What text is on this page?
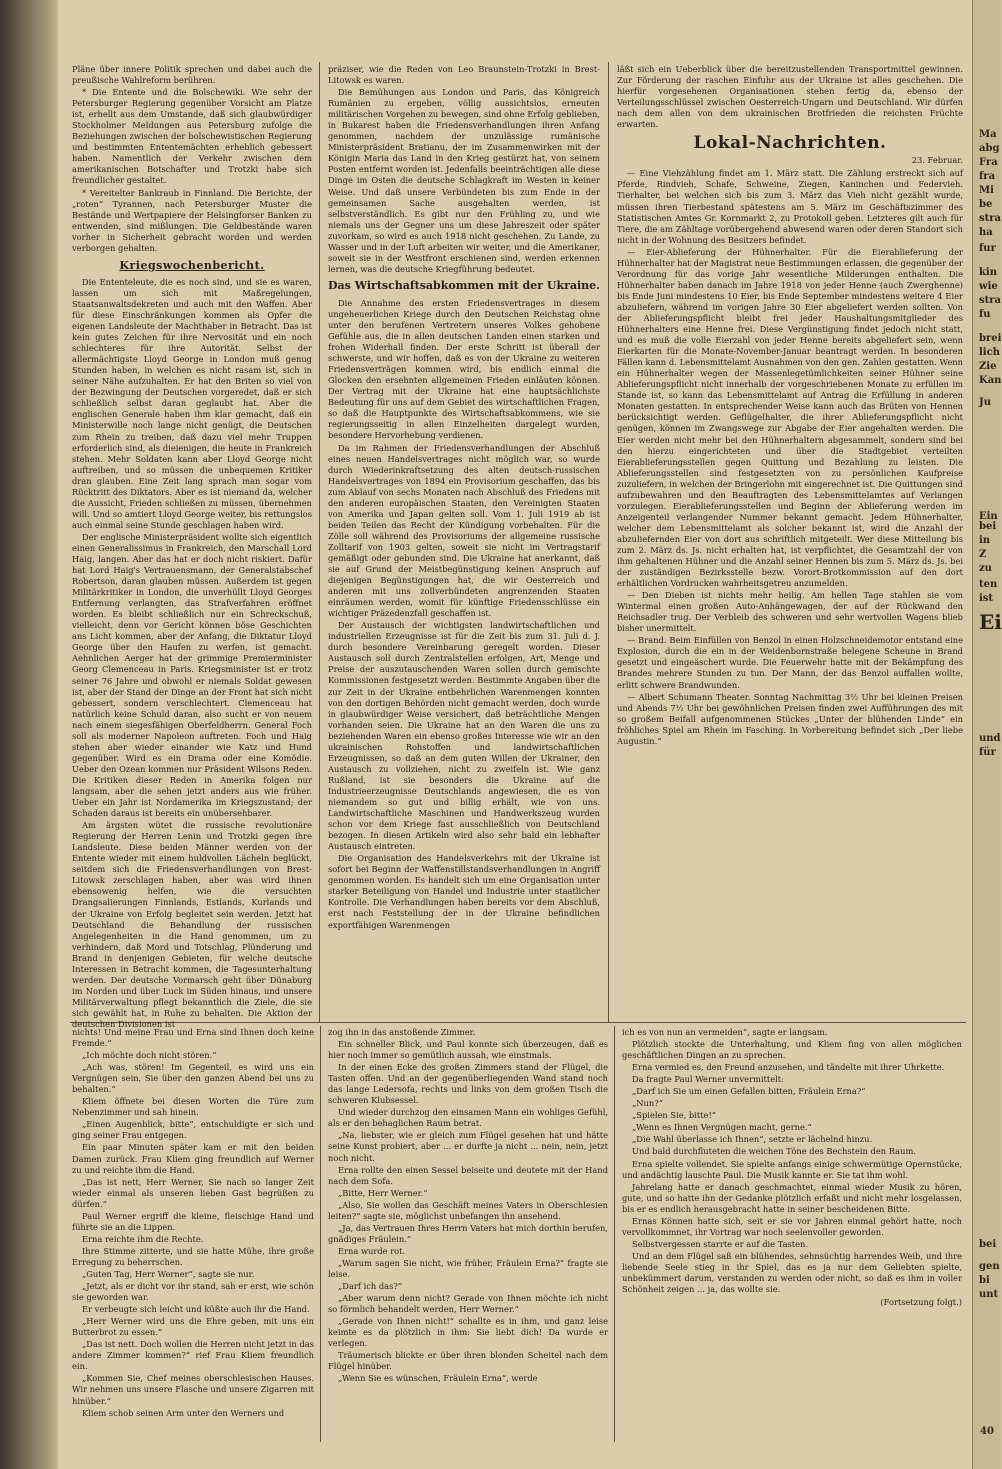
Pläne über innere Politik sprechen und dabei auch die preußische Wahlreform berühren.

* Die Entente und die Bolschewiki. Wie sehr der Petersburger Regierung gegenüber Vorsicht am Platze ist, erhellt aus dem Umstande, daß sich glaubwürdiger Stockholmer Meldungen aus Petersburg zufolge die Beziehungen zwischen der bolschewistischen Regierung und bestimmten Ententemächten erheblich gebessert haben. Namentlich der Verkehr zwischen dem amerikanischen Botschafter und Trotzki habe sich freundlicher gestaltet.

* Vereitelter Bankraub in Finnland. Die Berichte, der „roten“ Tyrannen, nach Petersburger Muster die Bestände und Wertpapiere der Helsingforser Banken zu entwenden, sind mißlungen. Die Geldbestände waren vorher in Sicherheit gebracht worden und werden verborgen gehalten.

Kriegswochenbericht.

Die Ententeleute, die es noch sind, und sie es waren, lassen um sich mit Maßregelungen, Staatsanwaltsdekreten und auch mit den Waffen. Aber für diese Einschränkungen kommen als Opfer die eigenen Landsleute der Machthaber in Betracht. Das ist kein gutes Zeichen für ihre Nervosität und ein noch schlechteres für ihre Autorität. Selbst der allermächtigste Lloyd George in London muß genug Stunden haben, in welchen es nicht rasam ist, sich in seiner Nähe aufzuhalten. Er hat den Briten so viel von der Bezwingung der Deutschen vorgeredet, daß er sich schließlich selbst daran geglaubt hat. Aber die englischen Generale haben ihm klar gemacht, daß ein Ministerwille noch lange nicht genügt, die Deutschen zum Rhein zu treiben, daß dazu viel mehr Truppen erforderlich sind, als dieienigen, die heute in Frankreich stehen. Mehr Soldaten kann aber Lloyd George nicht auftreiben, und so müssen die unbequemen Kritiker dran glauben. Eine Zeit lang sprach man sogar vom Rücktritt des Diktators. Aber es ist niemand da, welcher die Aussicht, Frieden schließen zu müssen, übernehmen will. Und so amtiert Lloyd George weiter, bis rettungslos auch einmal seine Stunde geschlagen haben wird.

Der englische Ministerpräsident wollte sich eigentlich einen Generalissimus in Frankreich, den Marschall Lord Haig, langen. Aber das hat er doch nicht riskiert. Dafür hat Lord Haig's Vertrauensmann, der Generalstabschef Robertson, daran glauben müssen. Außerdem ist gegen Militärkritiker in London, die unverhüllt Lloyd Georges Entfernung verlangten, das Strafverfahren eröffnet worden. Es bleibt schließlich nur ein Schreckschuß, vielleicht, denn vor Gericht können böse Geschichten ans Licht kommen, aber der Anfang, die Diktatur Lloyd George über den Haufen zu werfen, ist gemacht. Aehnlichen Aerger hat der grimmige Premierminister Georg Clemenceau in Paris. Kriegsminister ist er trotz seiner 76 Jahre und obwohl er niemals Soldat gewesen ist, aber der Stand der Dinge an der Front hat sich nicht gebessert, sondern verschlechtert. Clemenceau hat natürlich keine Schuld daran, also sucht er von neuem nach einem siegesfähigen Oberfeldherrn. General Foch soll als moderner Napoleon auftreten. Foch und Haig stehen aber wieder einander wie Katz und Hund gegenüber. Wird es ein Drama oder eine Komödie. Ueber den Ozean kommen nur Präsident Wilsons Reden. Die Kritiken dieser Reden in Amerika folgen nur langsam, aber die sehen jetzt anders aus wie früher. Ueber ein Jahr ist Nordamerika im Kriegszustand; der Schaden daraus ist bereits ein unübersehbarer.

Am ärgsten wütet die russische revolutionäre Regierung der Herren Lenin und Trotzki gegen ihre Landsleute. Diese beiden Männer werden von der Entente wieder mit einem huldvollen Lächeln beglückt, seitdem sich die Friedensverhandlungen von Brest-Litowsk zerschlagen haben, aber was wird ihnen ebensowenig helfen, wie die versuchten Drangsalierungen Finnlands, Estlands, Kurlands und der Ukraine von Erfolg begleitet sein werden. Jetzt hat Deutschland die Behandlung der russischen Angelegenheiten in die Hand genommen, um zu verhindern, daß Mord und Totschlag, Plünderung und Brand in denjenigen Gebieten, für welche deutsche Interessen in Betracht kommen, die Tagesunterhaltung werden. Der deutsche Vormarsch geht über Dünaburg im Norden und über Luck im Süden hinaus, und unsere Militärverwaltung pflegt bekanntlich die Ziele, die sie sich gewählt hat, in Ruhe zu behalten. Die Aktion der deutschen Divisionen ist

präziser, wie die Reden von Leo Braunstein-Trotzki in Brest-Litowsk es waren.

Die Bemühungen aus London und Paris, das Königreich Rumänien zu ergeben, völlig aussichtslos, erneuten militärischen Vorgehen zu bewegen, sind ohne Erfolg geblieben, in Bukarest haben die Friedensverhandlungen ihren Anfang genommen, nachdem der unzulässige rumänische Ministerpräsident Bratianu, der im Zusammenwirken mit der Königin Maria das Land in den Krieg gestürzt hat, von seinem Posten entfernt worden ist. Jedenfalls beeinträchtigen alle diese Dinge im Osten die deutsche Schlagkraft im Westen in keiner Weise. Und daß unsere Verbündeten bis zum Ende in der gemeinsamen Sache ausgehalten werden, ist selbstverständlich. Es gibt nur den Frühling zu, und wie niemals uns der Gegner uns um diese Jahreszeit oder später zuvorkam, so wird es auch 1918 nicht geschehen. Zu Lande, zu Wasser und in der Luft arbeiten wir weiter, und die Amerikaner, soweit sie in der Westfront erschienen sind, werden erkennen lernen, was die deutsche Kriegführung bedeutet.

Das Wirtschaftsabkommen mit der Ukraine.

Die Annahme des ersten Friedensvertrages in diesem ungeheuerlichen Kriege durch den Deutschen Reichstag ohne unter den berufenen Vertretern unseres Volkes gehobene Gefühle aus, die in allen deutschen Landen einen starken und frohen Widerhall finden. Der erste Schritt ist überall der schwerste, und wir hoffen, daß es von der Ukraine zu weiteren Friedensverträgen kommen wird, bis endlich einmal die Glocken den ersehnten allgemeinen Frieden einläuten können. Der Vertrag mit der Ukraine hat eine hauptsächlichste Bedeutung für uns auf dem Gebiet des wirtschaftlichen Fragen, so daß die Hauptpunkte des Wirtschaftsabkommens, wie sie regierungsseitig in allen Einzelheiten dargelegt wurden, besondere Hervorhebung verdienen.

Da im Rahmen der Friedensverhandlungen der Abschluß eines neuen Handelsvertrages nicht möglich war, so wurde durch Wiederinkraftsetzung des alten deutsch-russischen Handelsvertrages von 1894 ein Provisorium geschaffen, das bis zum Ablauf von sechs Monaten nach Abschluß des Friedens mit den anderen europäischen Staaten, den Vereinigten Staaten von Amerika und Japan gelten soll. Vom 1. Juli 1919 ab ist beiden Teilen das Recht der Kündigung vorbehalten. Für die Zölle soll während des Provisoriums der allgemeine russische Zolltarif von 1903 gelten, soweit sie nicht im Vertragstarif gemäßigt oder gebunden sind. Die Ukraine hat anerkannt, daß sie auf Grund der Meistbegünstigung keinen Anspruch auf diejenigen Begünstigungen hat, die wir Oesterreich und anderen mit uns zollverbündeten angrenzenden Staaten einräumen werden, womit für künftige Friedensschlüsse ein wichtiger Präzedenzfall geschaffen ist.

Der Austausch der wichtigsten landwirtschaftlichen und industriellen Erzeugnisse ist für die Zeit bis zum 31. Juli d. J. durch besondere Vereinbarung geregelt worden. Dieser Austausch soll durch Zentralstellen erfolgen, Art, Menge und Preise der auszutauschenden Waren sollen durch gemischte Kommissionen festgesetzt werden. Bestimmte Angaben über die zur Zeit in der Ukraine entbehrlichen Warenmengen konnten von den dortigen Behörden nicht gemacht werden, doch wurde in glaubwürdiger Weise versichert, daß beträchtliche Mengen vorhanden seien. Die Ukraine hat an den Waren die uns zu beziehenden Waren ein ebenso großes Interesse wie wir an den ukrainischen Rohstoffen und landwirtschaftlichen Erzeugnissen, so daß an dem guten Willen der Ukrainer, den Austausch zu vollziehen, nicht zu zweifeln ist. Wie ganz Rußland, ist sie besonders die Ukraine auf die Industrieerzeugnisse Deutschlands angewiesen, die es von niemandem so gut und billig erhält, wie von uns. Landwirtschaftliche Maschinen und Handwerkszeug wurden schon vor dem Kriege fast ausschließlich von Deutschland bezogen. In diesen Artikeln wird also sehr bald ein lebhafter Austausch eintreten.

Die Organisation des Handelsverkehrs mit der Ukraine ist sofort bei Beginn der Waffenstillstandsverhandlungen in Angriff genommen worden. Es handelt sich um eine Organisation unter starker Beteiligung von Handel und Industrie unter staatlicher Kontrolle. Die Verhandlungen haben bereits vor dem Abschluß, erst nach Feststellung der in der Ukraine befindlichen exportfähigen Warenmengen

läßt sich ein Ueberblick über die bereitzustellenden Transportmittel gewinnen. Zur Förderung der raschen Einfuhr aus der Ukraine ist alles geschehen. Die hierfür vorgesehenen Organisationen stehen fertig da, ebenso der Verteilungsschlüssel zwischen Oesterreich-Ungarn und Deutschland. Wir dürfen nach dem allen von dem ukrainischen Brotfrieden die reichsten Früchte erwarten.

Lokal-Nachrichten.
23. Februar.

— Eine Viehzählung findet am 1. März statt. Die Zählung erstreckt sich auf Pferde, Rindvieh, Schafe, Schweine, Ziegen, Kaninchen und Federvieh. Tierhalter, bei welchen sich bis zum 3. März das Vieh nicht gezählt wurde, müssen ihren Tierbestand spätestens am 5. März im Geschäftszimmer des Statistischen Amtes Gr. Kornmarkt 2, zu Protokoll geben. Letzteres gilt auch für Tiere, die am Zähltage vorübergehend abwesend waren oder deren Standort sich nicht in der Wohnung des Besitzers befindet.

— Eier-Ablieferung der Hühnerhalter. Für die Eierablieferung der Hühnerhalter hat der Magistrat neue Bestimmungen erlassen, die gegenüber der Verordnung für das vorige Jahr wesentliche Milderungen enthalten. Die Hühnerhalter haben danach im Jahre 1918 von jeder Henne (auch Zwerghenne) bis Ende Juni mindestens 10 Eier, bis Ende September mindestens weitere 4 Eier abzuliefern, während im vorigen Jahre 30 Eier abgeliefert werden sollten. Von der Ablieferungspflicht bleibt frei jeder Haushaltungsmitglieder des Hühnerhalters eine Henne frei. Diese Vergünstigung findet jedoch nicht statt, und es muß die volle Eierzahl von jeder Henne bereits abgeliefert sein, wenn Eierkarten für die Monate-November-Januar beantragt werden. In besonderen Fällen kann d. Lebensmittelamt Ausnahmen von den gen. Zahlen gestatten. Wenn ein Hühnerhalter wegen der Massenlegetümlichkeiten seiner Hühner seine Ablieferungspflicht nicht innerhalb der vorgeschriebenen Monate zu erfüllen im Stande ist, so kann das Lebensmittelamt auf Antrag die Erfüllung in anderen Monaten gestatten. In entsprechender Weise kann auch das Brüten von Hennen berücksichtigt werden. Geflügelhalter, die ihrer Ablieferungspflicht nicht genügen, können im Zwangswege zur Abgabe der Eier angehalten werden. Die Eier werden nicht mehr bei den Hühnerhaltern abgesammelt, sondern sind bei den hierzu eingerichteten und über die Stadtgebiet verteilten Eierablieferungsstellen gegen Quittung und Bezahlung zu leisten. Die Ablieferungsstellen sind festgesetzten von zu persönlichen Kaufpreise zuzuliefern, in welchen der Bringerlohn mit eingerechnet ist. Die Quittungen sind aufzubewahren und den Beauftragten des Lebensmittelamtes auf Verlangen vorzulegen. Eierablieferungsstellen und Beginn der Ablieferung werden im Anzeigenteil verlangender Nummer bekannt gemacht. Jedem Hühnerhalter, welcher dem Lebensmittelamt als solcher bekannt ist, wird die Anzahl der abzuliefernden Eier von dort aus schriftlich mitgeteilt. Wer diese Mitteilung bis zum 2. März ds. Js. nicht erhalten hat, ist verpflichtet, die Gesamtzahl der von ihm gehaltenen Hühner und die Anzahl seiner Hennen bis zum 5. März ds. Js. bei der zuständigen Bezirksstelle bezw. Vorort-Brotkommission auf den dort erhältlichen Vordrucken wahrheitsgetreu anzumelden.

— Den Dieben ist nichts mehr heilig. Am hellen Tage stahlen sie vom Wintermal einen großen Auto-Anhängewagen, der auf der Rückwand den Reichsadler trug. Der Verbleib des schweren und sehr wertvollen Wagens blieb bisher unermittelt.

— Brand. Beim Einfüllen von Benzol in einen Holzschneidemotor entstand eine Explosion, durch die ein in der Weidenbornstraße belegene Scheune in Brand gesetzt und eingeäschert wurde. Die Feuerwehr hatte mit der Bekämpfung des Brandes mehrere Stunden zu tun. Der Mann, der das Benzol auffallen wollte, erlitt schwere Brandwunden.

— Albert Schumann Theater. Sonntag Nachmittag 3½ Uhr bei kleinen Preisen und Abends 7½ Uhr bei gewöhnlichen Preisen finden zwei Aufführungen des mit so großem Beifall aufgenommenen Stückes „Unter der blühenden Linde“ ein fröhliches Spiel am Rhein im Fasching. In Vorbereitung befindet sich „Der liebe Augustin.“

nichts! Und meine Frau und Erna sind Ihnen doch keine Fremde.“

„Ich möchte doch nicht stören.“

„Ach was, stören! Im Gegenteil, es wird uns ein Vergnügen sein, Sie über den ganzen Abend bei uns zu behalten.“

Kliem öffnete bei diesen Worten die Türe zum Nebenzimmer und sah hinein.

„Einen Augenblick, bitte“, entschuldigte er sich und ging seiner Frau entgegen.

Ein paar Minuten später kam er mit den beiden Damen zurück. Frau Kliem ging freundlich auf Werner zu und reichte ihm die Hand.

„Das ist nett, Herr Werner, Sie nach so langer Zeit wieder einmal als unseren lieben Gast begrüßen zu dürfen.“

Paul Werner ergriff die kleine, fleischige Hand und führte sie an die Lippen.

Erna reichte ihm die Rechte.

Ihre Stimme zitterte, und sie hatte Mühe, ihre große Erregung zu beherrschen.

„Guten Tag, Herr Werner“, sagte sie nur.

„Jetzt, als er dicht vor ihr stand, sah er erst, wie schön sie geworden war.

Er verbeugte sich leicht und küßte auch ihr die Hand.

„Herr Werner wird uns die Ehre geben, mit uns ein Butterbrot zu essen.“

„Das ist nett. Doch wollen die Herren nicht jetzt in das andere Zimmer kommen?“ rief Frau Kliem freundlich ein.

„Kommen Sie, Chef meines oberschlesischen Hauses. Wir nehmen uns unsere Flasche und unsere Zigarren mit hinüber.“

Kliem schob seinen Arm unter den Werners und

zog ihn in das anstoßende Zimmer.

Ein schneller Blick, und Paul konnte sich überzeugen, daß es hier noch immer so gemütlich aussah, wie einstmals.

In der einen Ecke des großen Zimmers stand der Flügel, die Tasten offen. Und an der gegenüberliegenden Wand stand noch das lange Ledersofa, rechts und links von dem großen Tisch die schweren Klubsessel.

Und wieder durchzog den einsamen Mann ein wohliges Gefühl, als er den behaglichen Raum betrat.

„Na, liebster, wie er gleich zum Flügel gesehen hat und hätte seine Kunst probiert, aber ... er durfte ja nicht ... nein, nein, jetzt noch nicht.

Erna rollte den einen Sessel beiseite und deutete mit der Hand nach dem Sofa.

„Bitte, Herr Werner.“

„Also, Sie wollen das Geschäft meines Vaters in Oberschlesien leiten?“ sagte sie, möglichst unbefangen ihn ansehend.

„Ja, das Vertrauen Ihres Herrn Vaters hat mich dorthin berufen, gnädiges Fräulein.“

Erna wurde rot.

„Warum sagen Sie nicht, wie früher, Fräulein Erna?“ fragte sie leise.

„Darf ich das?“

„Aber warum denn nicht? Gerade von Ihnen möchte ich nicht so förmlich behandelt werden, Herr Werner.“

„Gerade von Ihnen nicht!“ schallte es in ihm, und ganz leise keimte es da plötzlich in ihm: Sie liebt dich! Da wurde er verlegen.

Träumerisch blickte er über ihren blonden Scheitel nach dem Flügel hinüber.

„Wenn Sie es wünschen, Fräulein Erna“, werde

ich es von nun an vermeiden“, sagte er langsam.

Plötzlich stockte die Unterhaltung, und Kliem fing von allen möglichen geschäftlichen Dingen an zu sprechen.

Erna vermied es, den Freund anzusehen, und tändelte mit ihrer Uhrkette.

Da fragte Paul Werner unvermittelt:

„Darf ich Sie um einen Gefallen bitten, Fräulein Erna?“

„Nun?“

„Spielen Sie, bitte!“

„Wenn es Ihnen Vergnügen macht, gerne.“

„Die Wahl überlasse ich Ihnen“, setzte er lächelnd hinzu.

Und bald durchfluteten die weichen Töne des Bechstein den Raum.

Erna spielte vollendet. Sie spielte anfangs einige schwermütige Opernstücke, und andächtig lauschte Paul. Die Musik kannte er. Sie tat ihm wohl.

Jahrelang hatte er danach geschmachtet, einmal wieder Musik zu hören, gute, und so hatte ihn der Gedanke plötzlich erfaßt und nicht mehr losgelassen, bis er es endlich herausgebracht hatte in seiner bescheidenen Bitte.

Ernas Können hatte sich, seit er sie vor Jahren einmal gehört hatte, noch vervollkommnet, ihr Vortrag war noch seelenvoller geworden.

Selbstvergessen starrte er auf die Tasten.

Und an dem Flügel saß ein blühendes, sehnsüchtig harrendes Weib, und ihre liebende Seele stieg in ihr Spiel, das es ja nur dem Geliebten spielte, unbekümmert darum, verstanden zu werden oder nicht, so daß es ihm in voller Schönheit zeigen ... ja, das wollte sie.

(Fortsetzung folgt.)

Ma

abg

Fra

fra

Mi

be

stra

ha

fur

kin

wie

stra

fu

brei

lich

Zie

Kan

Ju

Ein

bei

in

Z

zu

ten

ist

Ei

und

für

bei

gen

bi

unt

40
